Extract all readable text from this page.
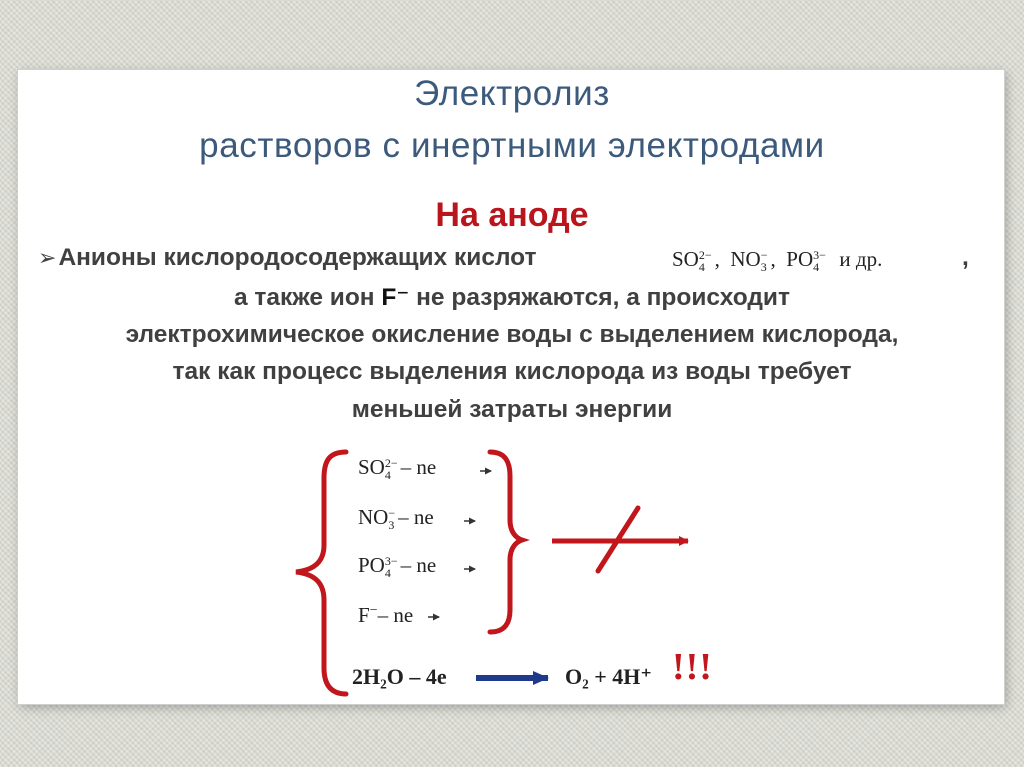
Электролиз
растворов с инертными электродами
На аноде
➢Анионы кислородосодержащих кислот	SO 2−
4 ,  NO −
3 ,  PO 3−
4 и др.	,
а также ион F⁻ не разряжаются, а происходит
электрохимическое окисление воды с выделением кислорода,
так как процесс выделения кислорода из воды требует
меньшей затраты энергии
SO 2−
4 – ne
NO −
3 – ne
PO 3−
4 – ne
F−– ne
2H₂O – 4e	O₂ + 4H⁺ !!!
